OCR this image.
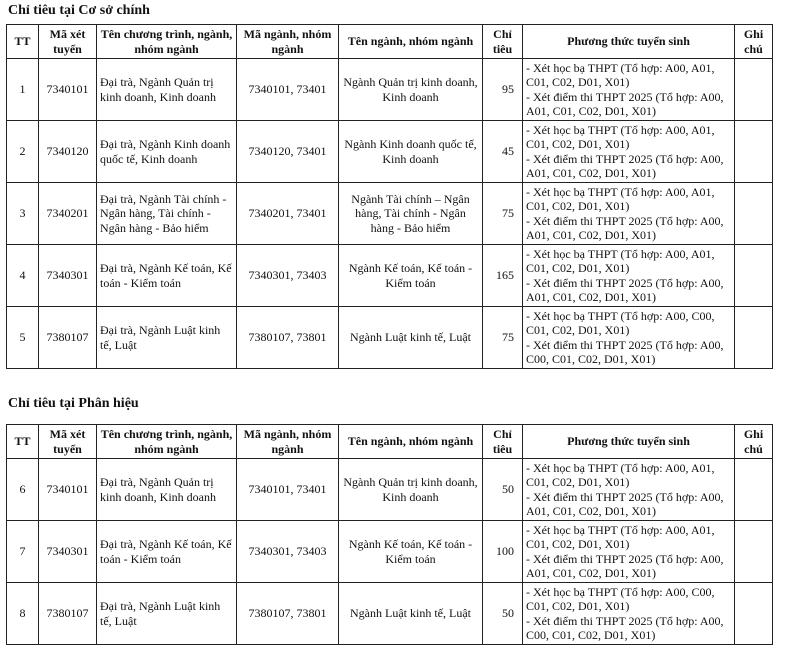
Chỉ tiêu tại Cơ sở chính
TT	Mã xét tuyển	Tên chương trình, ngành, nhóm ngành	Mã ngành, nhóm ngành	Tên ngành, nhóm ngành	Chỉ tiêu	Phương thức tuyển sinh	Ghi chú
1	7340101	Đại trà, Ngành Quản trị kinh doanh, Kinh doanh	7340101, 73401	Ngành Quản trị kinh doanh, Kinh doanh	95	- Xét học bạ THPT (Tổ hợp: A00, A01,
C01, C02, D01, X01)
- Xét điểm thi THPT 2025 (Tổ hợp: A00,
A01, C01, C02, D01, X01)	

2	7340120	Đại trà, Ngành Kinh doanh quốc tế, Kinh doanh	7340120, 73401	Ngành Kinh doanh quốc tế, Kinh doanh	45	- Xét học bạ THPT (Tổ hợp: A00, A01,
C01, C02, D01, X01)
- Xét điểm thi THPT 2025 (Tổ hợp: A00,
A01, C01, C02, D01, X01)	

3	7340201	Đại trà, Ngành Tài chính - Ngân hàng, Tài chính - Ngân hàng - Bảo hiểm	7340201, 73401	Ngành Tài chính – Ngân hàng, Tài chính - Ngân hàng - Bảo hiểm	75	- Xét học bạ THPT (Tổ hợp: A00, A01,
C01, C02, D01, X01)
- Xét điểm thi THPT 2025 (Tổ hợp: A00,
A01, C01, C02, D01, X01)	

4	7340301	Đại trà, Ngành Kế toán, Kế toán - Kiểm toán	7340301, 73403	Ngành Kế toán, Kế toán - Kiểm toán	165	- Xét học bạ THPT (Tổ hợp: A00, A01,
C01, C02, D01, X01)
- Xét điểm thi THPT 2025 (Tổ hợp: A00,
A01, C01, C02, D01, X01)	

5	7380107	Đại trà, Ngành Luật kinh tế, Luật	7380107, 73801	Ngành Luật kinh tế, Luật	75	- Xét học bạ THPT (Tổ hợp: A00, C00,
C01, C02, D01, X01)
- Xét điểm thi THPT 2025 (Tổ hợp: A00,
C00, C01, C02, D01, X01)	

Chỉ tiêu tại Phân hiệu
TT	Mã xét tuyển	Tên chương trình, ngành, nhóm ngành	Mã ngành, nhóm ngành	Tên ngành, nhóm ngành	Chỉ tiêu	Phương thức tuyển sinh	Ghi chú
6	7340101	Đại trà, Ngành Quản trị kinh doanh, Kinh doanh	7340101, 73401	Ngành Quản trị kinh doanh, Kinh doanh	50	- Xét học bạ THPT (Tổ hợp: A00, A01,
C01, C02, D01, X01)
- Xét điểm thi THPT 2025 (Tổ hợp: A00,
A01, C01, C02, D01, X01)	

7	7340301	Đại trà, Ngành Kế toán, Kế toán - Kiểm toán	7340301, 73403	Ngành Kế toán, Kế toán - Kiểm toán	100	- Xét học bạ THPT (Tổ hợp: A00, A01,
C01, C02, D01, X01)
- Xét điểm thi THPT 2025 (Tổ hợp: A00,
A01, C01, C02, D01, X01)	

8	7380107	Đại trà, Ngành Luật kinh tế, Luật	7380107, 73801	Ngành Luật kinh tế, Luật	50	- Xét học bạ THPT (Tổ hợp: A00, C00,
C01, C02, D01, X01)
- Xét điểm thi THPT 2025 (Tổ hợp: A00,
C00, C01, C02, D01, X01)	
